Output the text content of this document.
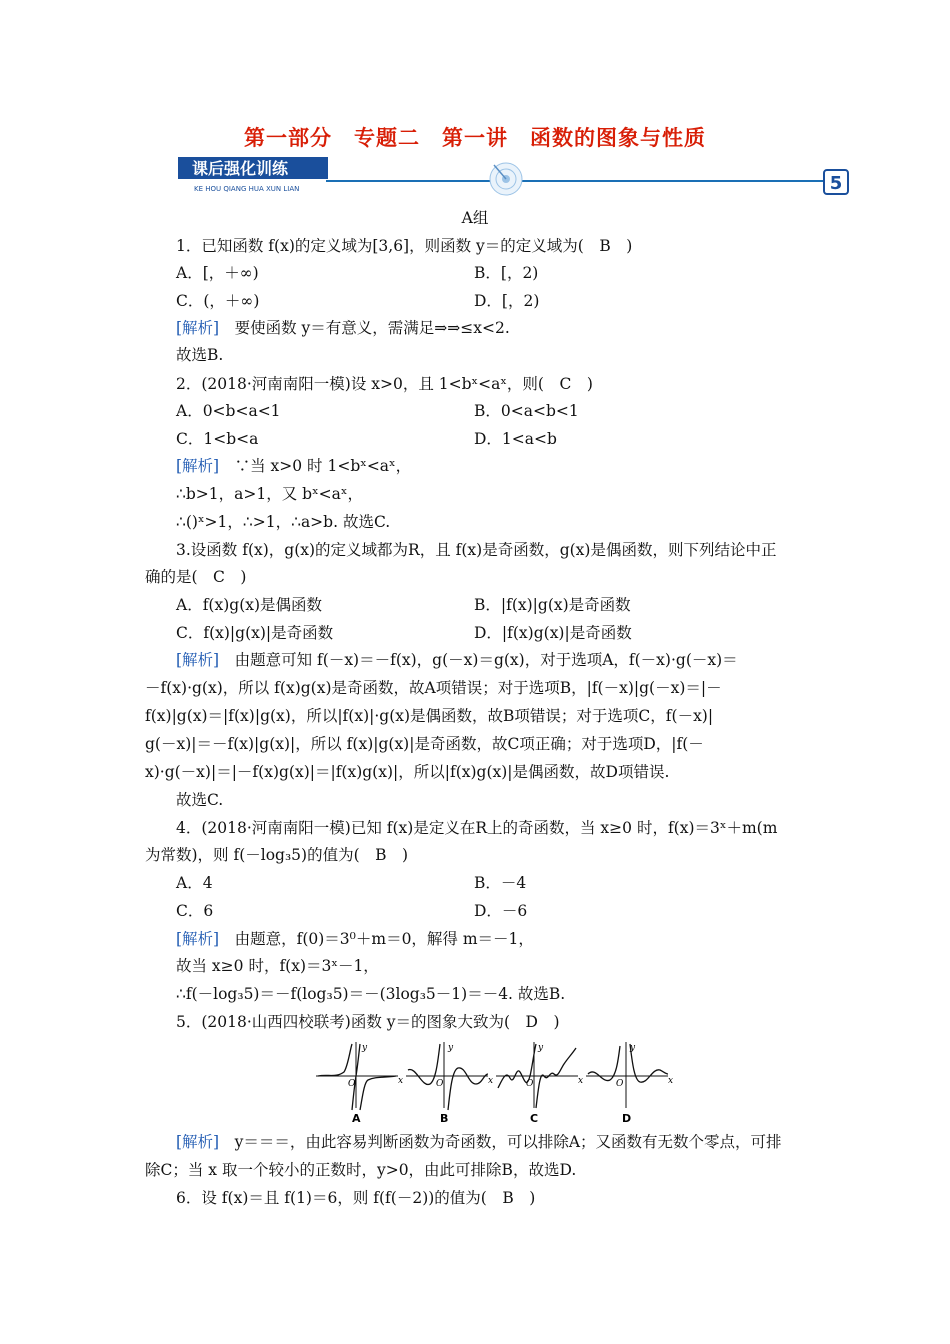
第一部分　专题二　第一讲　函数的图象与性质
课后强化训练
KE HOU QIANG HUA XUN LIAN	5
A组
1．已知函数 f(x)的定义域为[3,6]，则函数 y＝的定义域为(　B　)
A．[，＋∞)	B．[，2)
C．(，＋∞)	D．[，2)
[解析]　要使函数 y＝有意义，需满足⇒⇒≤x<2.
故选B.
2．(2018·河南南阳一模)设 x>0，且 1<bˣ<aˣ，则(　C　)
A．0<b<a<1	B．0<a<b<1
C．1<b<a	D．1<a<b
[解析]　∵当 x>0 时 1<bˣ<aˣ，
∴b>1，a>1，又 bˣ<aˣ，
∴()ˣ>1，∴>1，∴a>b. 故选C.
3.设函数 f(x)，g(x)的定义域都为R，且 f(x)是奇函数，g(x)是偶函数，则下列结论中正
确的是(　C　)
A．f(x)g(x)是偶函数	B．|f(x)|g(x)是奇函数
C．f(x)|g(x)|是奇函数	D．|f(x)g(x)|是奇函数
[解析]　由题意可知 f(－x)＝－f(x)，g(－x)＝g(x)，对于选项A，f(－x)·g(－x)＝
－f(x)·g(x)，所以 f(x)g(x)是奇函数，故A项错误；对于选项B，|f(－x)|g(－x)＝|－
f(x)|g(x)＝|f(x)|g(x)，所以|f(x)|·g(x)是偶函数，故B项错误；对于选项C，f(－x)|
g(－x)|＝－f(x)|g(x)|，所以 f(x)|g(x)|是奇函数，故C项正确；对于选项D，|f(－
x)·g(－x)|＝|－f(x)g(x)|＝|f(x)g(x)|，所以|f(x)g(x)|是偶函数，故D项错误.
故选C.
4．(2018·河南南阳一模)已知 f(x)是定义在R上的奇函数，当 x≥0 时，f(x)＝3ˣ＋m(m
为常数)，则 f(－log₃5)的值为(　B　)
A．4	B．－4
C．6	D．－6
[解析]　由题意，f(0)＝3⁰＋m＝0，解得 m＝－1，
故当 x≥0 时，f(x)＝3ˣ－1，
∴f(－log₃5)＝－f(log₃5)＝－(3log₃5－1)＝－4. 故选B.
5．(2018·山西四校联考)函数 y＝的图象大致为(　D　)
y
x
O
A
y
x
O
B
y
x
O
C
y
x
O
D
[解析]　y＝＝＝，由此容易判断函数为奇函数，可以排除A；又函数有无数个零点，可排
除C；当 x 取一个较小的正数时，y>0，由此可排除B，故选D.
6．设 f(x)＝且 f(1)＝6，则 f(f(－2))的值为(　B　)
